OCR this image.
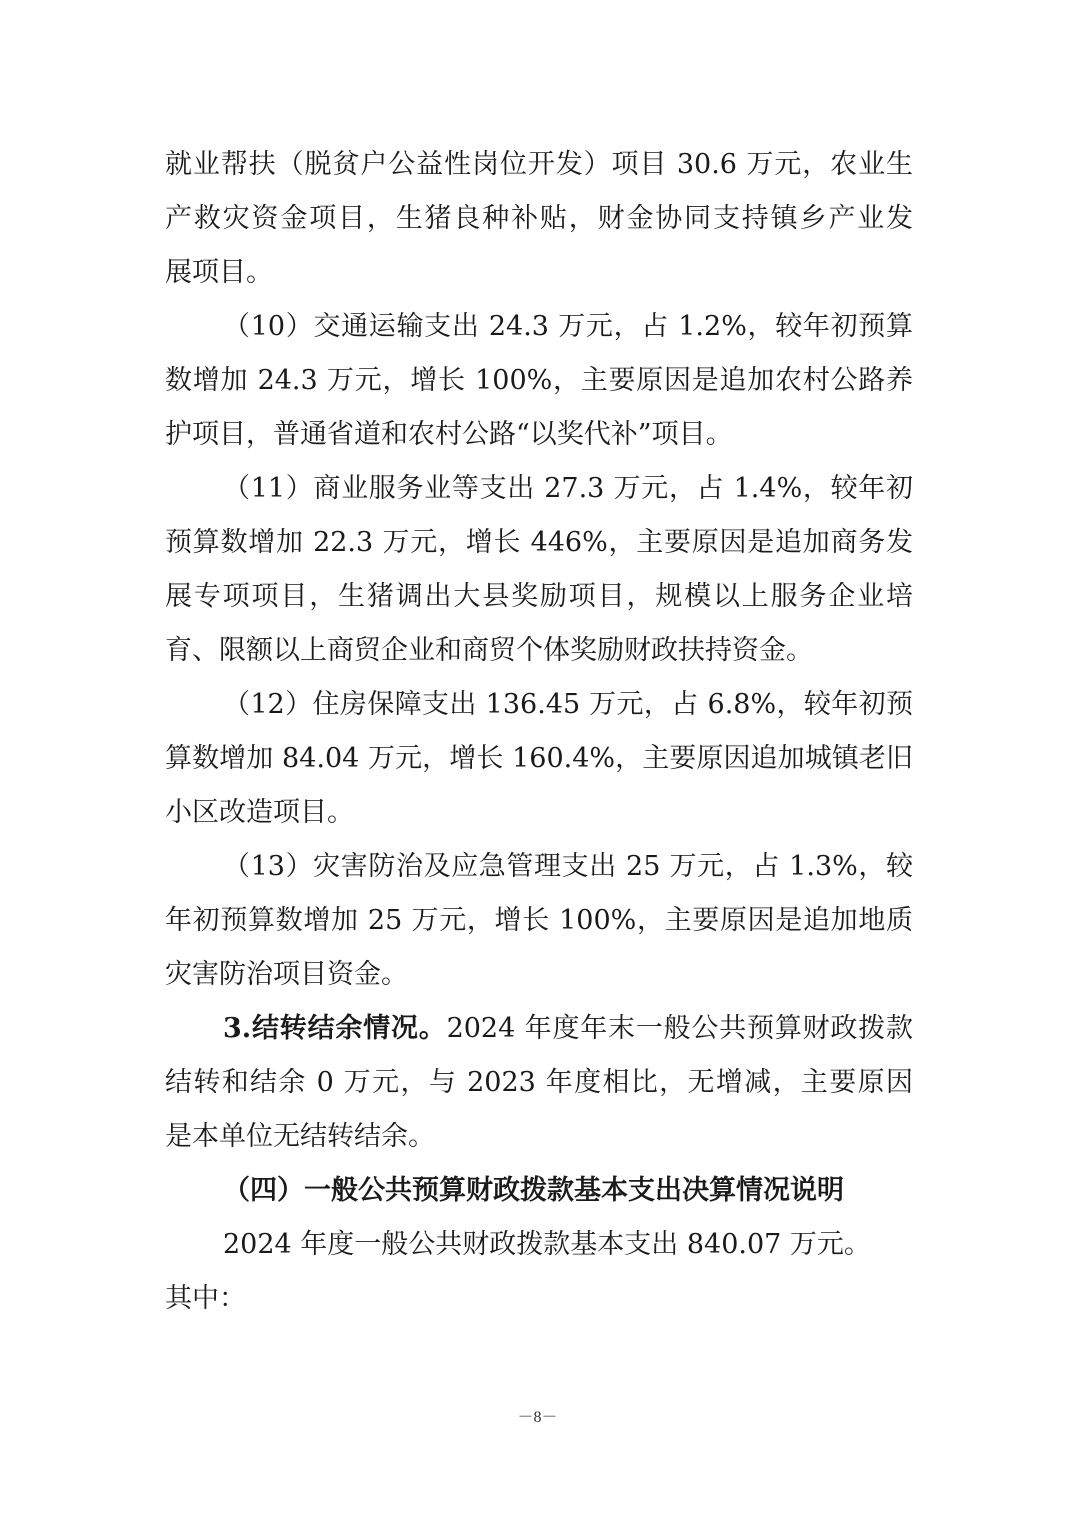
就业帮扶（脱贫户公益性岗位开发）项目 30.6 万元，农业生
产救灾资金项目，生猪良种补贴，财金协同支持镇乡产业发
展项目。
（10）交通运输支出 24.3 万元，占 1.2%，较年初预算
数增加 24.3 万元，增长 100%，主要原因是追加农村公路养
护项目，普通省道和农村公路“以奖代补”项目。
（11）商业服务业等支出 27.3 万元，占 1.4%，较年初
预算数增加 22.3 万元，增长 446%，主要原因是追加商务发
展专项项目，生猪调出大县奖励项目，规模以上服务企业培
育、限额以上商贸企业和商贸个体奖励财政扶持资金。
（12）住房保障支出 136.45 万元，占 6.8%，较年初预
算数增加 84.04 万元，增长 160.4%，主要原因追加城镇老旧
小区改造项目。
（13）灾害防治及应急管理支出 25 万元，占 1.3%，较
年初预算数增加 25 万元，增长 100%，主要原因是追加地质
灾害防治项目资金。
3.结转结余情况。2024 年度年末一般公共预算财政拨款
结转和结余 0 万元，与 2023 年度相比，无增减，主要原因
是本单位无结转结余。
（四）一般公共预算财政拨款基本支出决算情况说明
2024 年度一般公共财政拨款基本支出 840.07 万元。
其中：
－8－
